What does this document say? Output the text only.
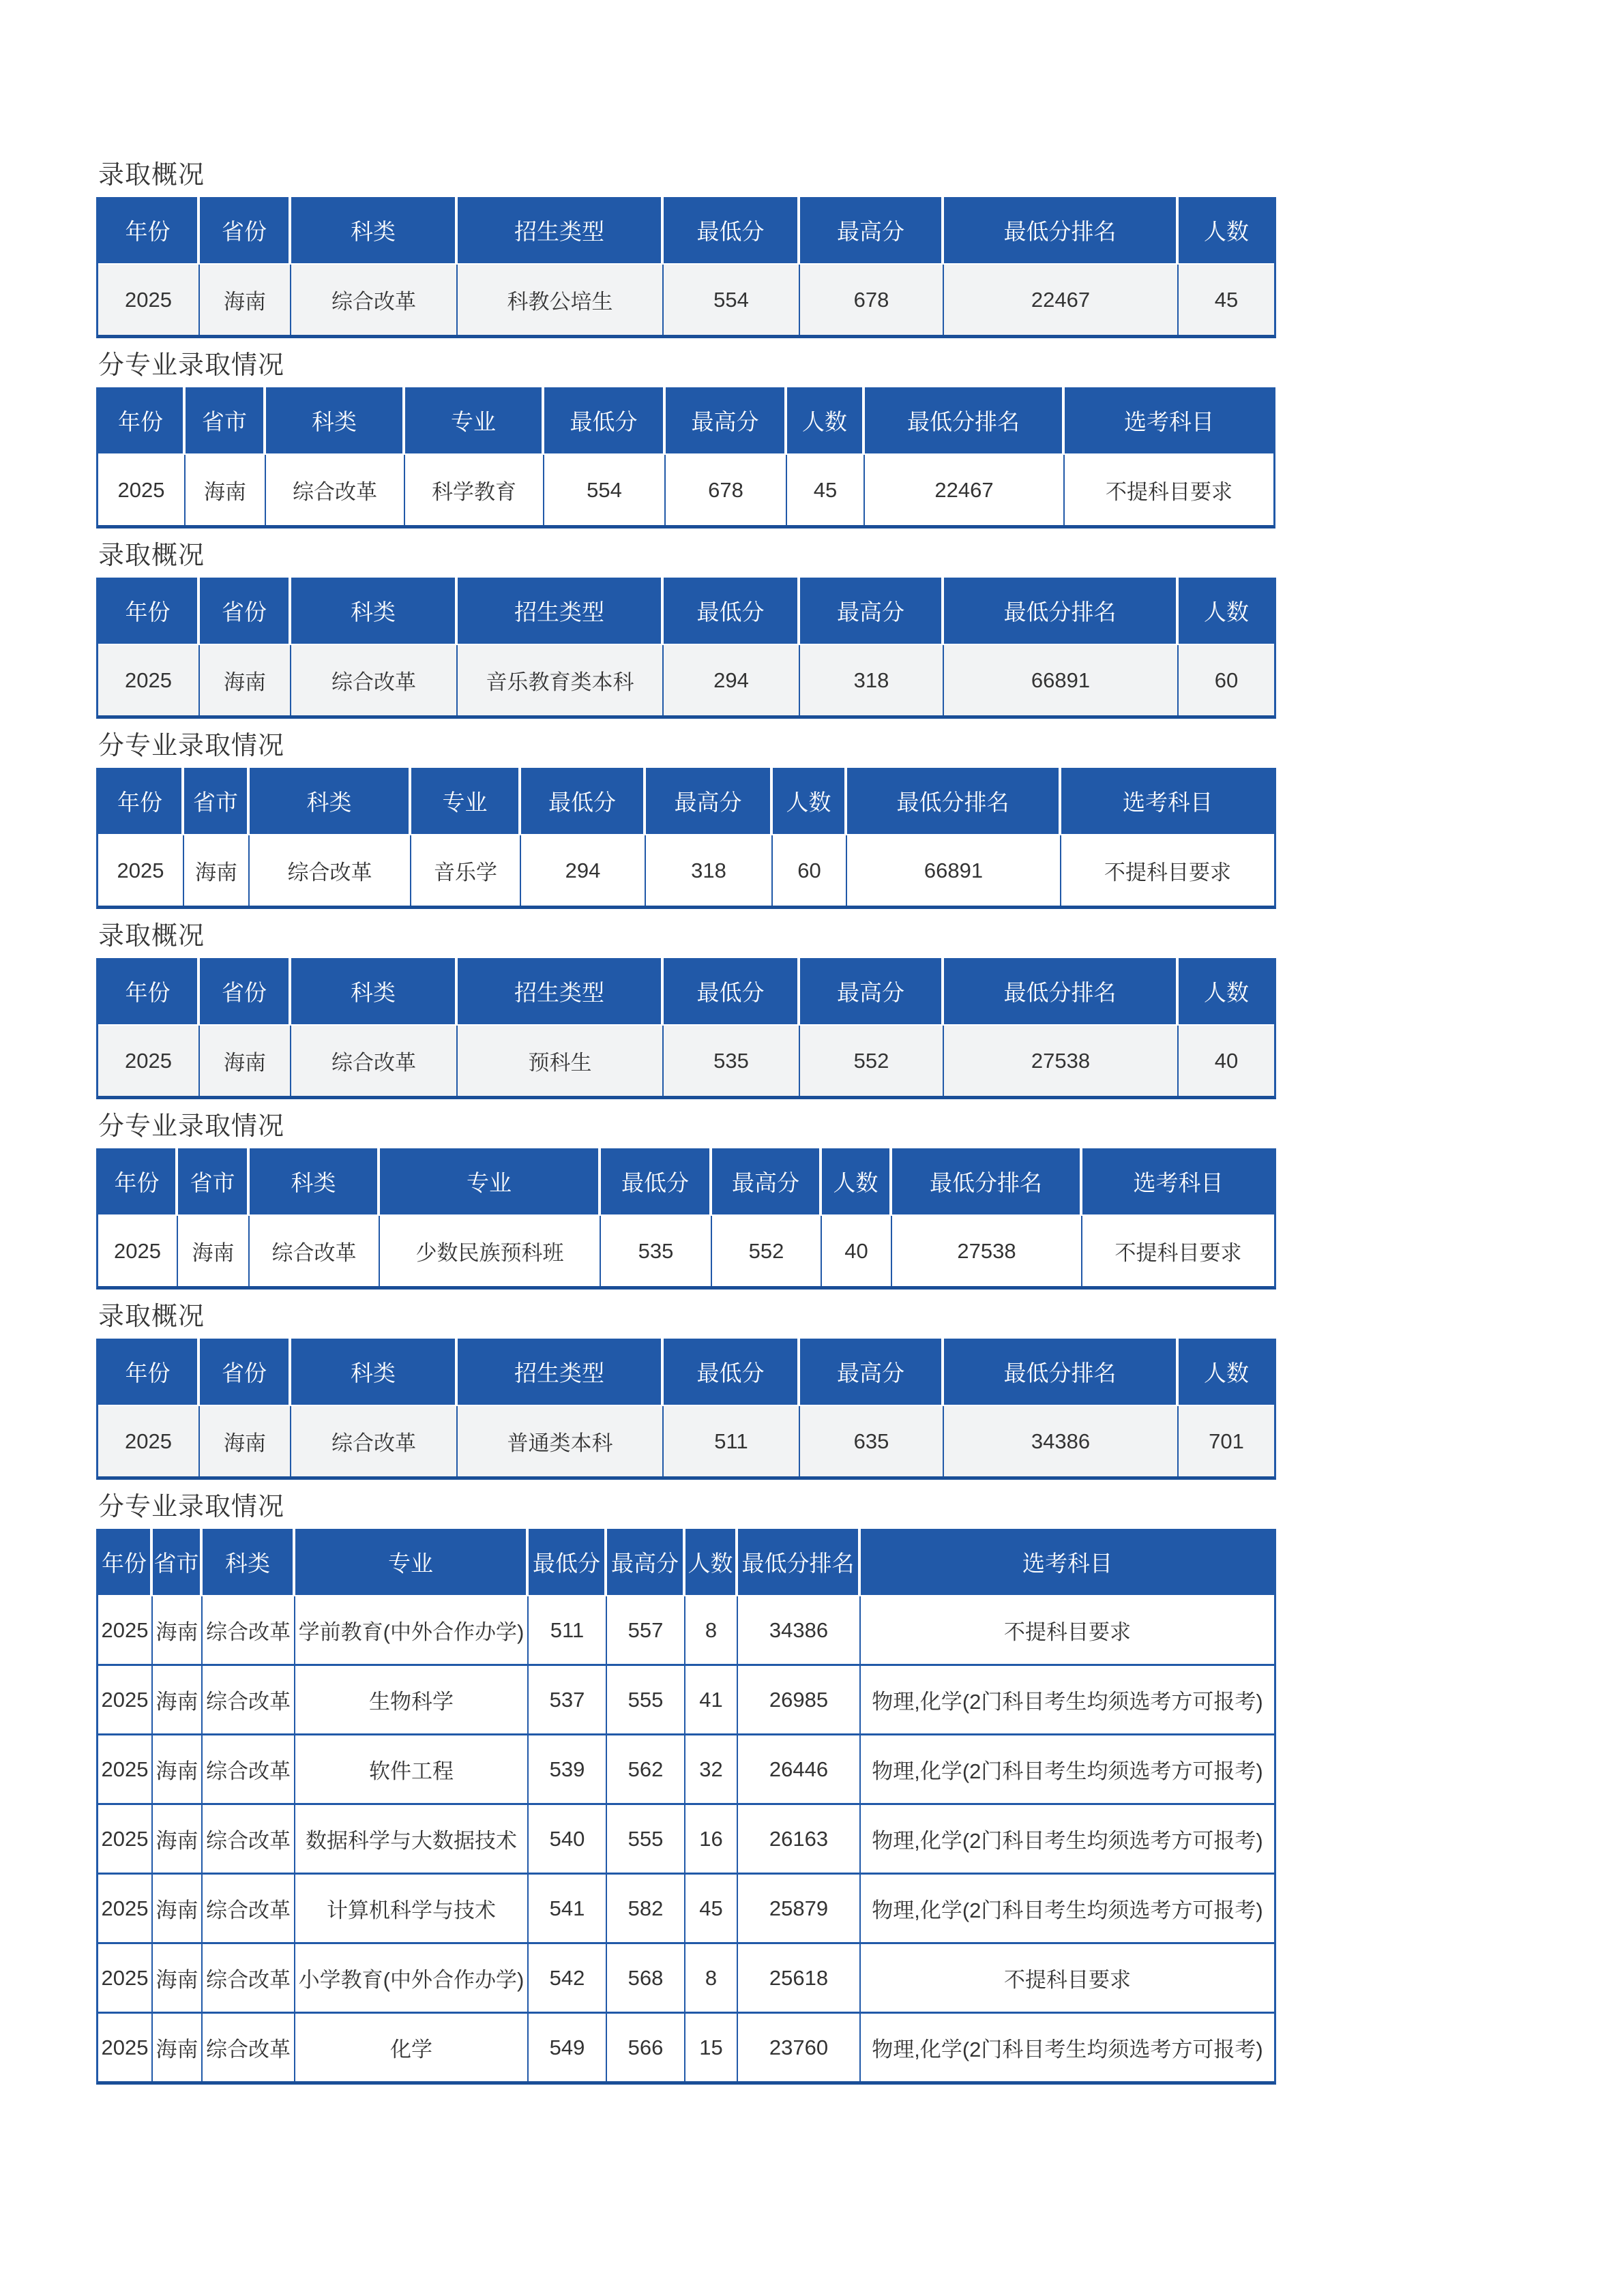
录取概况
年份	省份	科类	招生类型	最低分	最高分	最低分排名	人数
2025	海南	综合改革	科教公培生	554	678	22467	45
分专业录取情况
年份	省市	科类	专业	最低分	最高分	人数	最低分排名	选考科目
2025	海南	综合改革	科学教育	554	678	45	22467	不提科目要求
录取概况
年份	省份	科类	招生类型	最低分	最高分	最低分排名	人数
2025	海南	综合改革	音乐教育类本科	294	318	66891	60
分专业录取情况
年份	省市	科类	专业	最低分	最高分	人数	最低分排名	选考科目
2025	海南	综合改革	音乐学	294	318	60	66891	不提科目要求
录取概况
年份	省份	科类	招生类型	最低分	最高分	最低分排名	人数
2025	海南	综合改革	预科生	535	552	27538	40
分专业录取情况
年份	省市	科类	专业	最低分	最高分	人数	最低分排名	选考科目
2025	海南	综合改革	少数民族预科班	535	552	40	27538	不提科目要求
录取概况
年份	省份	科类	招生类型	最低分	最高分	最低分排名	人数
2025	海南	综合改革	普通类本科	511	635	34386	701
分专业录取情况
年份	省市	科类	专业	最低分	最高分	人数	最低分排名	选考科目
2025	海南	综合改革	学前教育(中外合作办学)	511	557	8	34386	不提科目要求
2025	海南	综合改革	生物科学	537	555	41	26985	物理,化学(2门科目考生均须选考方可报考)
2025	海南	综合改革	软件工程	539	562	32	26446	物理,化学(2门科目考生均须选考方可报考)
2025	海南	综合改革	数据科学与大数据技术	540	555	16	26163	物理,化学(2门科目考生均须选考方可报考)
2025	海南	综合改革	计算机科学与技术	541	582	45	25879	物理,化学(2门科目考生均须选考方可报考)
2025	海南	综合改革	小学教育(中外合作办学)	542	568	8	25618	不提科目要求
2025	海南	综合改革	化学	549	566	15	23760	物理,化学(2门科目考生均须选考方可报考)
